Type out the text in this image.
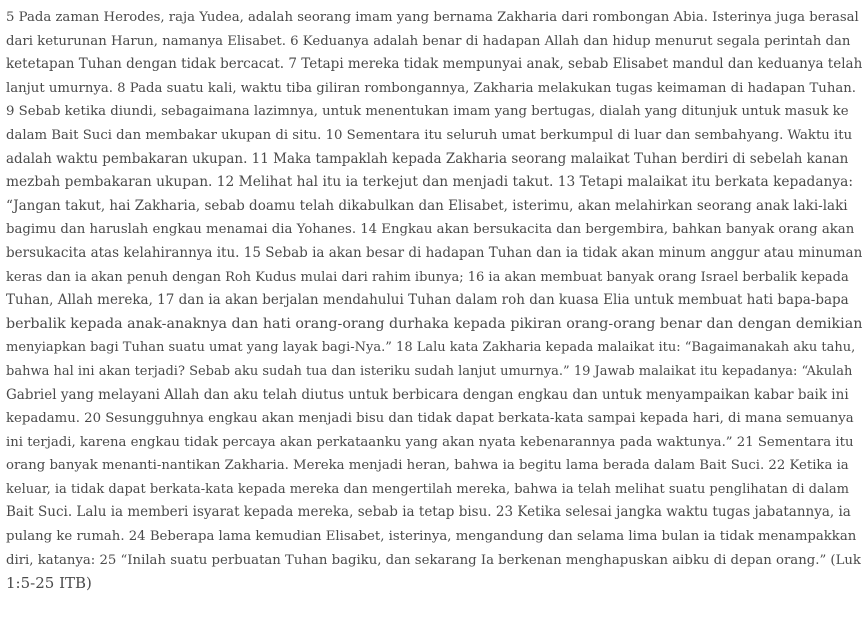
5 Pada zaman Herodes, raja Yudea, adalah seorang imam yang bernama Zakharia dari rombongan Abia. Isterinya juga berasal
dari keturunan Harun, namanya Elisabet. 6 Keduanya adalah benar di hadapan Allah dan hidup menurut segala perintah dan
ketetapan Tuhan dengan tidak bercacat. 7 Tetapi mereka tidak mempunyai anak, sebab Elisabet mandul dan keduanya telah
lanjut umurnya. 8 Pada suatu kali, waktu tiba giliran rombongannya, Zakharia melakukan tugas keimaman di hadapan Tuhan.
9 Sebab ketika diundi, sebagaimana lazimnya, untuk menentukan imam yang bertugas, dialah yang ditunjuk untuk masuk ke
dalam Bait Suci dan membakar ukupan di situ. 10 Sementara itu seluruh umat berkumpul di luar dan sembahyang. Waktu itu
adalah waktu pembakaran ukupan. 11 Maka tampaklah kepada Zakharia seorang malaikat Tuhan berdiri di sebelah kanan
mezbah pembakaran ukupan. 12 Melihat hal itu ia terkejut dan menjadi takut. 13 Tetapi malaikat itu berkata kepadanya:
“Jangan takut, hai Zakharia, sebab doamu telah dikabulkan dan Elisabet, isterimu, akan melahirkan seorang anak laki-laki
bagimu dan haruslah engkau menamai dia Yohanes. 14 Engkau akan bersukacita dan bergembira, bahkan banyak orang akan
bersukacita atas kelahirannya itu. 15 Sebab ia akan besar di hadapan Tuhan dan ia tidak akan minum anggur atau minuman
keras dan ia akan penuh dengan Roh Kudus mulai dari rahim ibunya; 16 ia akan membuat banyak orang Israel berbalik kepada
Tuhan, Allah mereka, 17 dan ia akan berjalan mendahului Tuhan dalam roh dan kuasa Elia untuk membuat hati bapa-bapa
berbalik kepada anak-anaknya dan hati orang-orang durhaka kepada pikiran orang-orang benar dan dengan demikian
menyiapkan bagi Tuhan suatu umat yang layak bagi-Nya.” 18 Lalu kata Zakharia kepada malaikat itu: “Bagaimanakah aku tahu,
bahwa hal ini akan terjadi? Sebab aku sudah tua dan isteriku sudah lanjut umurnya.” 19 Jawab malaikat itu kepadanya: “Akulah
Gabriel yang melayani Allah dan aku telah diutus untuk berbicara dengan engkau dan untuk menyampaikan kabar baik ini
kepadamu. 20 Sesungguhnya engkau akan menjadi bisu dan tidak dapat berkata-kata sampai kepada hari, di mana semuanya
ini terjadi, karena engkau tidak percaya akan perkataanku yang akan nyata kebenarannya pada waktunya.” 21 Sementara itu
orang banyak menanti-nantikan Zakharia. Mereka menjadi heran, bahwa ia begitu lama berada dalam Bait Suci. 22 Ketika ia
keluar, ia tidak dapat berkata-kata kepada mereka dan mengertilah mereka, bahwa ia telah melihat suatu penglihatan di dalam
Bait Suci. Lalu ia memberi isyarat kepada mereka, sebab ia tetap bisu. 23 Ketika selesai jangka waktu tugas jabatannya, ia
pulang ke rumah. 24 Beberapa lama kemudian Elisabet, isterinya, mengandung dan selama lima bulan ia tidak menampakkan
diri, katanya: 25 “Inilah suatu perbuatan Tuhan bagiku, dan sekarang Ia berkenan menghapuskan aibku di depan orang.” (Luk
1:5-25 ITB)
